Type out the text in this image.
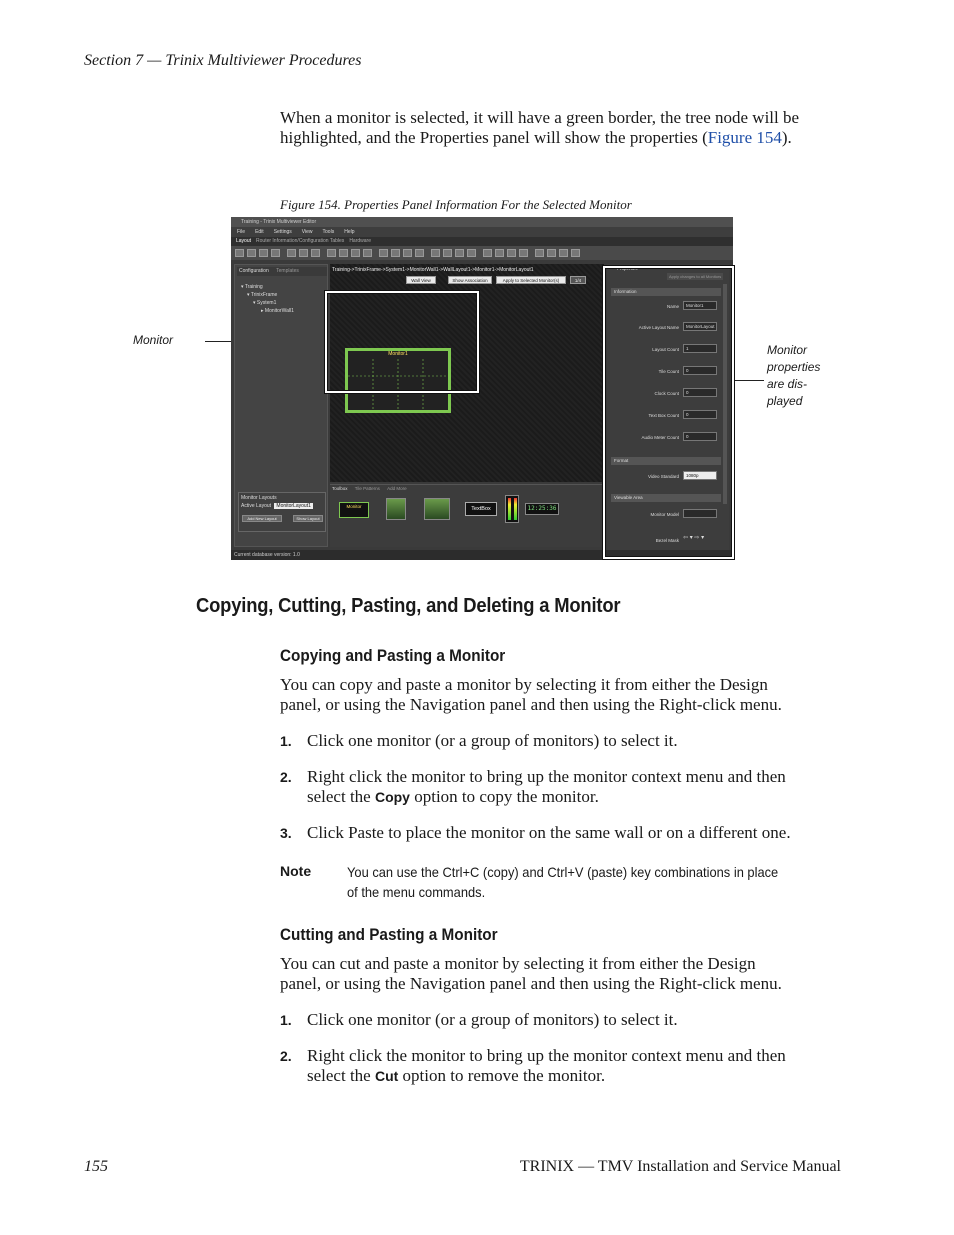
Section 7 — Trinix Multiviewer Procedures
When a monitor is selected, it will have a green border, the tree node will be highlighted, and the Properties panel will show the properties (Figure 154).
Figure 154. Properties Panel Information For the Selected Monitor
Monitor
Monitor
properties
are dis-
played
Training - Trinix Multiviewer Editor
File Edit Settings View Tools Help
Layout Router Information/Configuration Tables Hardware
Configuration Templates
▾ Training
▾ TrinixFrame
▾ System1
▸ MonitorWall1
Monitor Layouts
Active Layout MonitorLayout1
Add New Layout	Show Layout
Training->TrinixFrame->System1->MonitorWall1->WallLayout1->Monitor1->MonitorLayout1
Wall View	Show Association	Apply to Selected Monitor(s)	1/4
Monitor1
Toolbox Tile Patterns Add More
Monitor	TextBox	12:25:36
Properties
Apply changes to all Monitors
Information
Name	Monitor1
Active Layout Name	MonitorLayout
Layout Count	1
Tile Count	0
Clock Count	0
Text Box Count	0
Audio Meter Count	0
Format
Video Standard	1080p
Viewable Area
Monitor Model
Bezel Mask ⇦ ▾ ⇨ ▾
Current database version: 1.0
Copying, Cutting, Pasting, and Deleting a Monitor
Copying and Pasting a Monitor
You can copy and paste a monitor by selecting it from either the Design
panel, or using the Navigation panel and then using the Right-click menu.
1. Click one monitor (or a group of monitors) to select it.
2. Right click the monitor to bring up the monitor context menu and then
select the Copy option to copy the monitor.
3. Click Paste to place the monitor on the same wall or on a different one.
Note	You can use the Ctrl+C (copy) and Ctrl+V (paste) key combinations in place
of the menu commands.
Cutting and Pasting a Monitor
You can cut and paste a monitor by selecting it from either the Design
panel, or using the Navigation panel and then using the Right-click menu.
1. Click one monitor (or a group of monitors) to select it.
2. Right click the monitor to bring up the monitor context menu and then
select the Cut option to remove the monitor.
155	TRINIX — TMV Installation and Service Manual
